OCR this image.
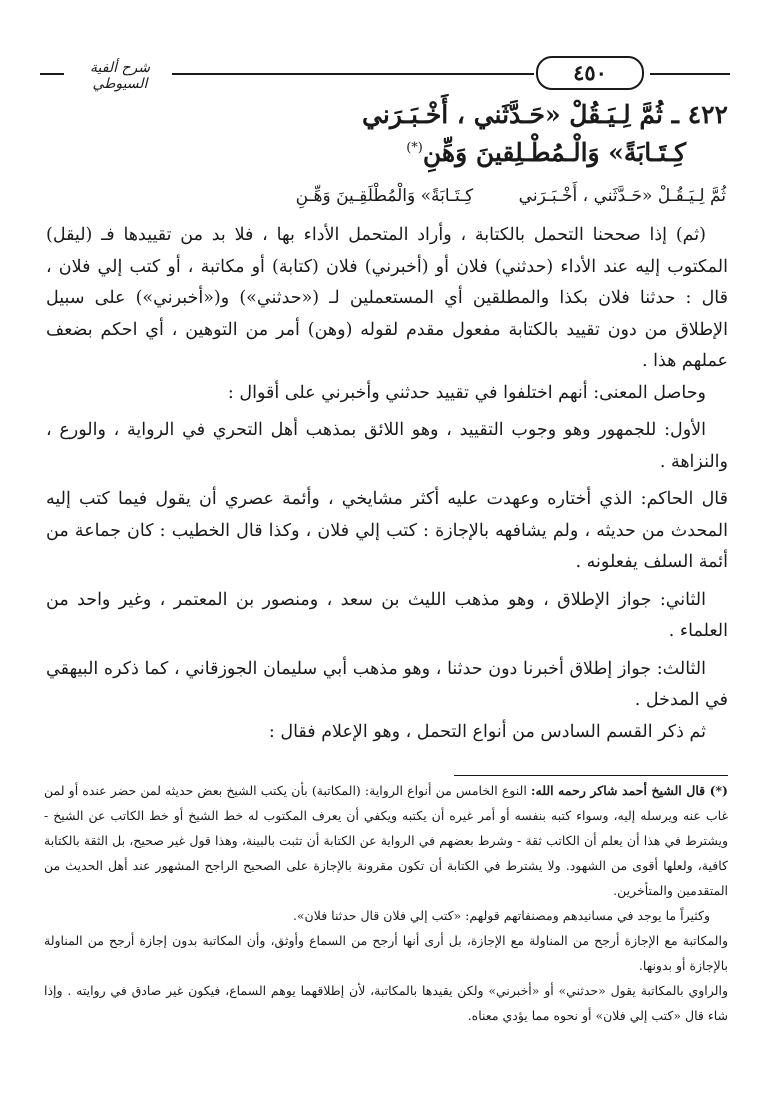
٤٥٠
شرح ألفية السيوطي
٤٢٢ ـ ثُمَّ لِـيَـقُلْ «حَـدَّثَني ، أَخْـبَـرَني
كِـتَـابَةً» وَالْـمُطْـلِقينَ وَهِّنِ(*)
ثُمَّ لِـيَـقُـلْ «حَـدَّثَني ، أَخْـبَـرَني كِـتَـابَةً» وَالْمُطْلَقِـينَ وَهِّـنِ

(ثم) إذا صححنا التحمل بالكتابة ، وأراد المتحمل الأداء بها ، فلا بد من تقييدها فـ (ليقل) المكتوب إليه عند الأداء (حدثني) فلان أو (أخبرني) فلان (كتابة) أو مكاتبة ، أو كتب إلي فلان ، قال : حدثنا فلان بكذا والمطلقين أي المستعملين لـ («حدثني») و(«أخبرني») على سبيل الإطلاق من دون تقييد بالكتابة مفعول مقدم لقوله (وهن) أمر من التوهين ، أي احكم بضعف عملهم هذا .

وحاصل المعنى: أنهم اختلفوا في تقييد حدثني وأخبرني على أقوال :

الأول: للجمهور وهو وجوب التقييد ، وهو اللائق بمذهب أهل التحري في الرواية ، والورع ، والنزاهة .

قال الحاكم: الذي أختاره وعهدت عليه أكثر مشايخي ، وأئمة عصري أن يقول فيما كتب إليه المحدث من حديثه ، ولم يشافهه بالإجازة : كتب إلي فلان ، وكذا قال الخطيب : كان جماعة من أئمة السلف يفعلونه .

الثاني: جواز الإطلاق ، وهو مذهب الليث بن سعد ، ومنصور بن المعتمر ، وغير واحد من العلماء .

الثالث: جواز إطلاق أخبرنا دون حدثنا ، وهو مذهب أبي سليمان الجوزقاني ، كما ذكره البيهقي في المدخل .

ثم ذكر القسم السادس من أنواع التحمل ، وهو الإعلام فقال :

(*) قال الشيخ أحمد شاكر رحمه الله: النوع الخامس من أنواع الرواية: (المكاتبة) بأن يكتب الشيخ بعض حديثه لمن حضر عنده أو لمن غاب عنه ويرسله إليه، وسواء كتبه بنفسه أو أمر غيره أن يكتبه ويكفي أن يعرف المكتوب له خط الشيخ أو خط الكاتب عن الشيخ - ويشترط في هذا أن يعلم أن الكاتب ثقة - وشرط بعضهم في الرواية عن الكتابة أن تثبت بالبينة، وهذا قول غير صحيح، بل الثقة بالكتابة كافية، ولعلها أقوى من الشهود. ولا يشترط في الكتابة أن تكون مقرونة بالإجازة على الصحيح الراجح المشهور عند أهل الحديث من المتقدمين والمتأخرين.

وكثيراً ما يوجد في مسانيدهم ومصنفاتهم قولهم: «كتب إلي فلان قال حدثنا فلان».

والمكاتبة مع الإجازة أرجح من المناولة مع الإجازة، بل أرى أنها أرجح من السماع وأوثق، وأن المكاتبة بدون إجازة أرجح من المناولة بالإجازة أو بدونها.

والراوي بالمكاتبة يقول «حدثني» أو «أخبرني» ولكن يقيدها بالمكاتبة، لأن إطلاقهما يوهم السماع، فيكون غير صادق في روايته . وإذا شاء قال «كتب إلي فلان» أو نحوه مما يؤدي معناه.
